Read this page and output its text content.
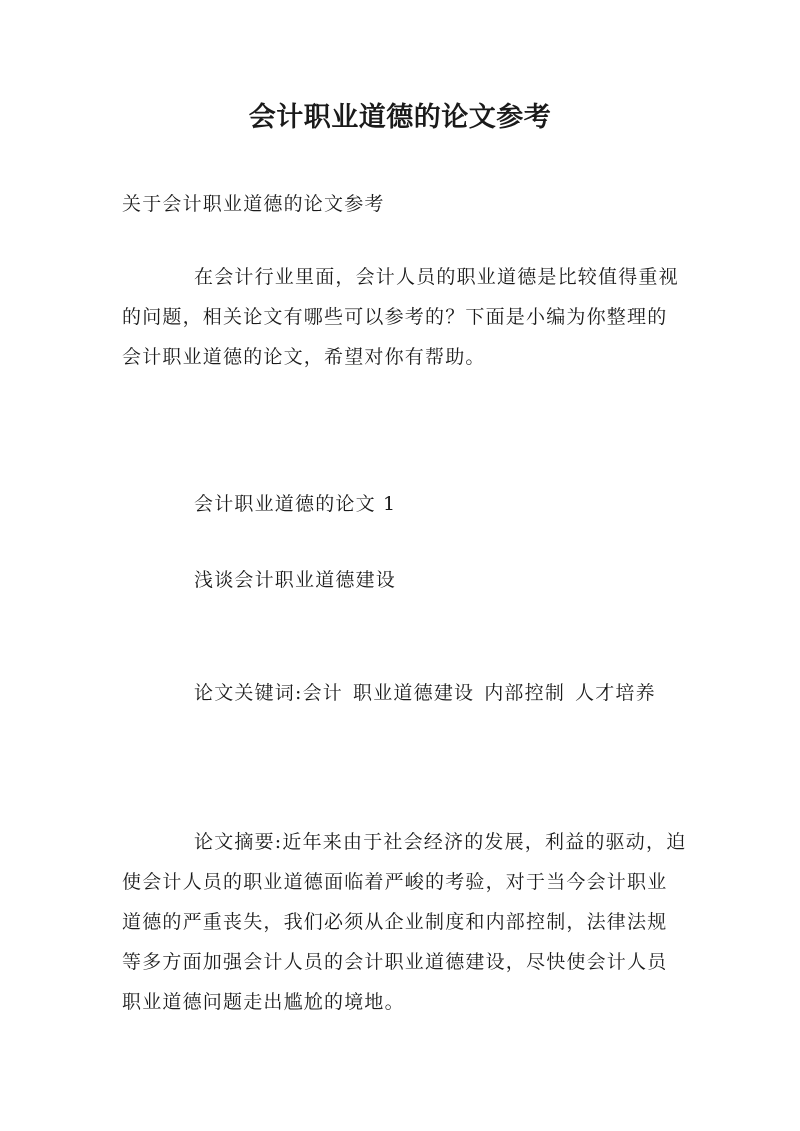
会计职业道德的论文参考

关于会计职业道德的论文参考

在会计行业里面，会计人员的职业道德是比较值得重视的问题，相关论文有哪些可以参考的？下面是小编为你整理的会计职业道德的论文，希望对你有帮助。

会计职业道德的论文 1

浅谈会计职业道德建设

论文关键词:会计 职业道德建设 内部控制 人才培养

论文摘要:近年来由于社会经济的发展，利益的驱动，迫使会计人员的职业道德面临着严峻的考验，对于当今会计职业道德的严重丧失，我们必须从企业制度和内部控制，法律法规等多方面加强会计人员的会计职业道德建设，尽快使会计人员职业道德问题走出尴尬的境地。
